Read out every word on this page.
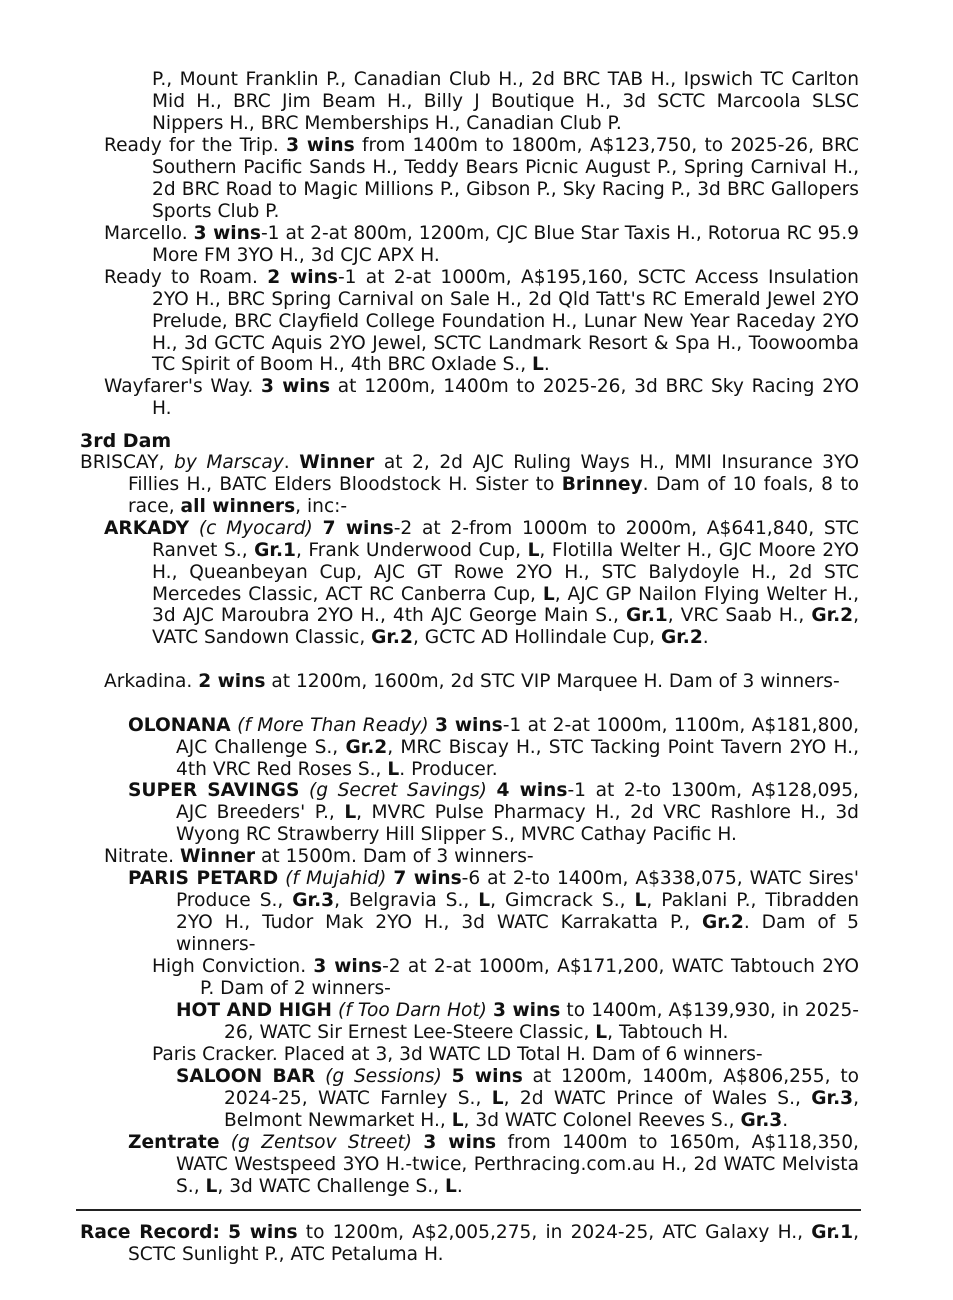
P., Mount Franklin P., Canadian Club H., 2d BRC TAB H., Ipswich TC Carlton Mid H., BRC Jim Beam H., Billy J Boutique H., 3d SCTC Marcoola SLSC Nippers H., BRC Memberships H., Canadian Club P.
Ready for the Trip. 3 wins from 1400m to 1800m, A$123,750, to 2025-26, BRC Southern Pacific Sands H., Teddy Bears Picnic August P., Spring Carnival H., 2d BRC Road to Magic Millions P., Gibson P., Sky Racing P., 3d BRC Gallopers Sports Club P.
Marcello. 3 wins-1 at 2-at 800m, 1200m, CJC Blue Star Taxis H., Rotorua RC 95.9 More FM 3YO H., 3d CJC APX H.
Ready to Roam. 2 wins-1 at 2-at 1000m, A$195,160, SCTC Access Insulation 2YO H., BRC Spring Carnival on Sale H., 2d Qld Tatt's RC Emerald Jewel 2YO Prelude, BRC Clayfield College Foundation H., Lunar New Year Raceday 2YO H., 3d GCTC Aquis 2YO Jewel, SCTC Landmark Resort & Spa H., Toowoomba TC Spirit of Boom H., 4th BRC Oxlade S., L.
Wayfarer's Way. 3 wins at 1200m, 1400m to 2025-26, 3d BRC Sky Racing 2YO H.
3rd Dam
BRISCAY, by Marscay. Winner at 2, 2d AJC Ruling Ways H., MMI Insurance 3YO Fillies H., BATC Elders Bloodstock H. Sister to Brinney. Dam of 10 foals, 8 to race, all winners, inc:-
ARKADY (c Myocard) 7 wins-2 at 2-from 1000m to 2000m, A$641,840, STC Ranvet S., Gr.1, Frank Underwood Cup, L, Flotilla Welter H., GJC Moore 2YO H., Queanbeyan Cup, AJC GT Rowe 2YO H., STC Balydoyle H., 2d STC Mercedes Classic, ACT RC Canberra Cup, L, AJC GP Nailon Flying Welter H., 3d AJC Maroubra 2YO H., 4th AJC George Main S., Gr.1, VRC Saab H., Gr.2, VATC Sandown Classic, Gr.2, GCTC AD Hollindale Cup, Gr.2.
Arkadina. 2 wins at 1200m, 1600m, 2d STC VIP Marquee H. Dam of 3 winners-
OLONANA (f More Than Ready) 3 wins-1 at 2-at 1000m, 1100m, A$181,800, AJC Challenge S., Gr.2, MRC Biscay H., STC Tacking Point Tavern 2YO H., 4th VRC Red Roses S., L. Producer.
SUPER SAVINGS (g Secret Savings) 4 wins-1 at 2-to 1300m, A$128,095, AJC Breeders' P., L, MVRC Pulse Pharmacy H., 2d VRC Rashlore H., 3d Wyong RC Strawberry Hill Slipper S., MVRC Cathay Pacific H.
Nitrate. Winner at 1500m. Dam of 3 winners-
PARIS PETARD (f Mujahid) 7 wins-6 at 2-to 1400m, A$338,075, WATC Sires' Produce S., Gr.3, Belgravia S., L, Gimcrack S., L, Paklani P., Tibradden 2YO H., Tudor Mak 2YO H., 3d WATC Karrakatta P., Gr.2. Dam of 5 winners-
High Conviction. 3 wins-2 at 2-at 1000m, A$171,200, WATC Tabtouch 2YO P. Dam of 2 winners-
HOT AND HIGH (f Too Darn Hot) 3 wins to 1400m, A$139,930, in 2025-26, WATC Sir Ernest Lee-Steere Classic, L, Tabtouch H.
Paris Cracker. Placed at 3, 3d WATC LD Total H. Dam of 6 winners-
SALOON BAR (g Sessions) 5 wins at 1200m, 1400m, A$806,255, to 2024-25, WATC Farnley S., L, 2d WATC Prince of Wales S., Gr.3, Belmont Newmarket H., L, 3d WATC Colonel Reeves S., Gr.3.
Zentrate (g Zentsov Street) 3 wins from 1400m to 1650m, A$118,350, WATC Westspeed 3YO H.-twice, Perthracing.com.au H., 2d WATC Melvista S., L, 3d WATC Challenge S., L.
Race Record: 5 wins to 1200m, A$2,005,275, in 2024-25, ATC Galaxy H., Gr.1, SCTC Sunlight P., ATC Petaluma H.
